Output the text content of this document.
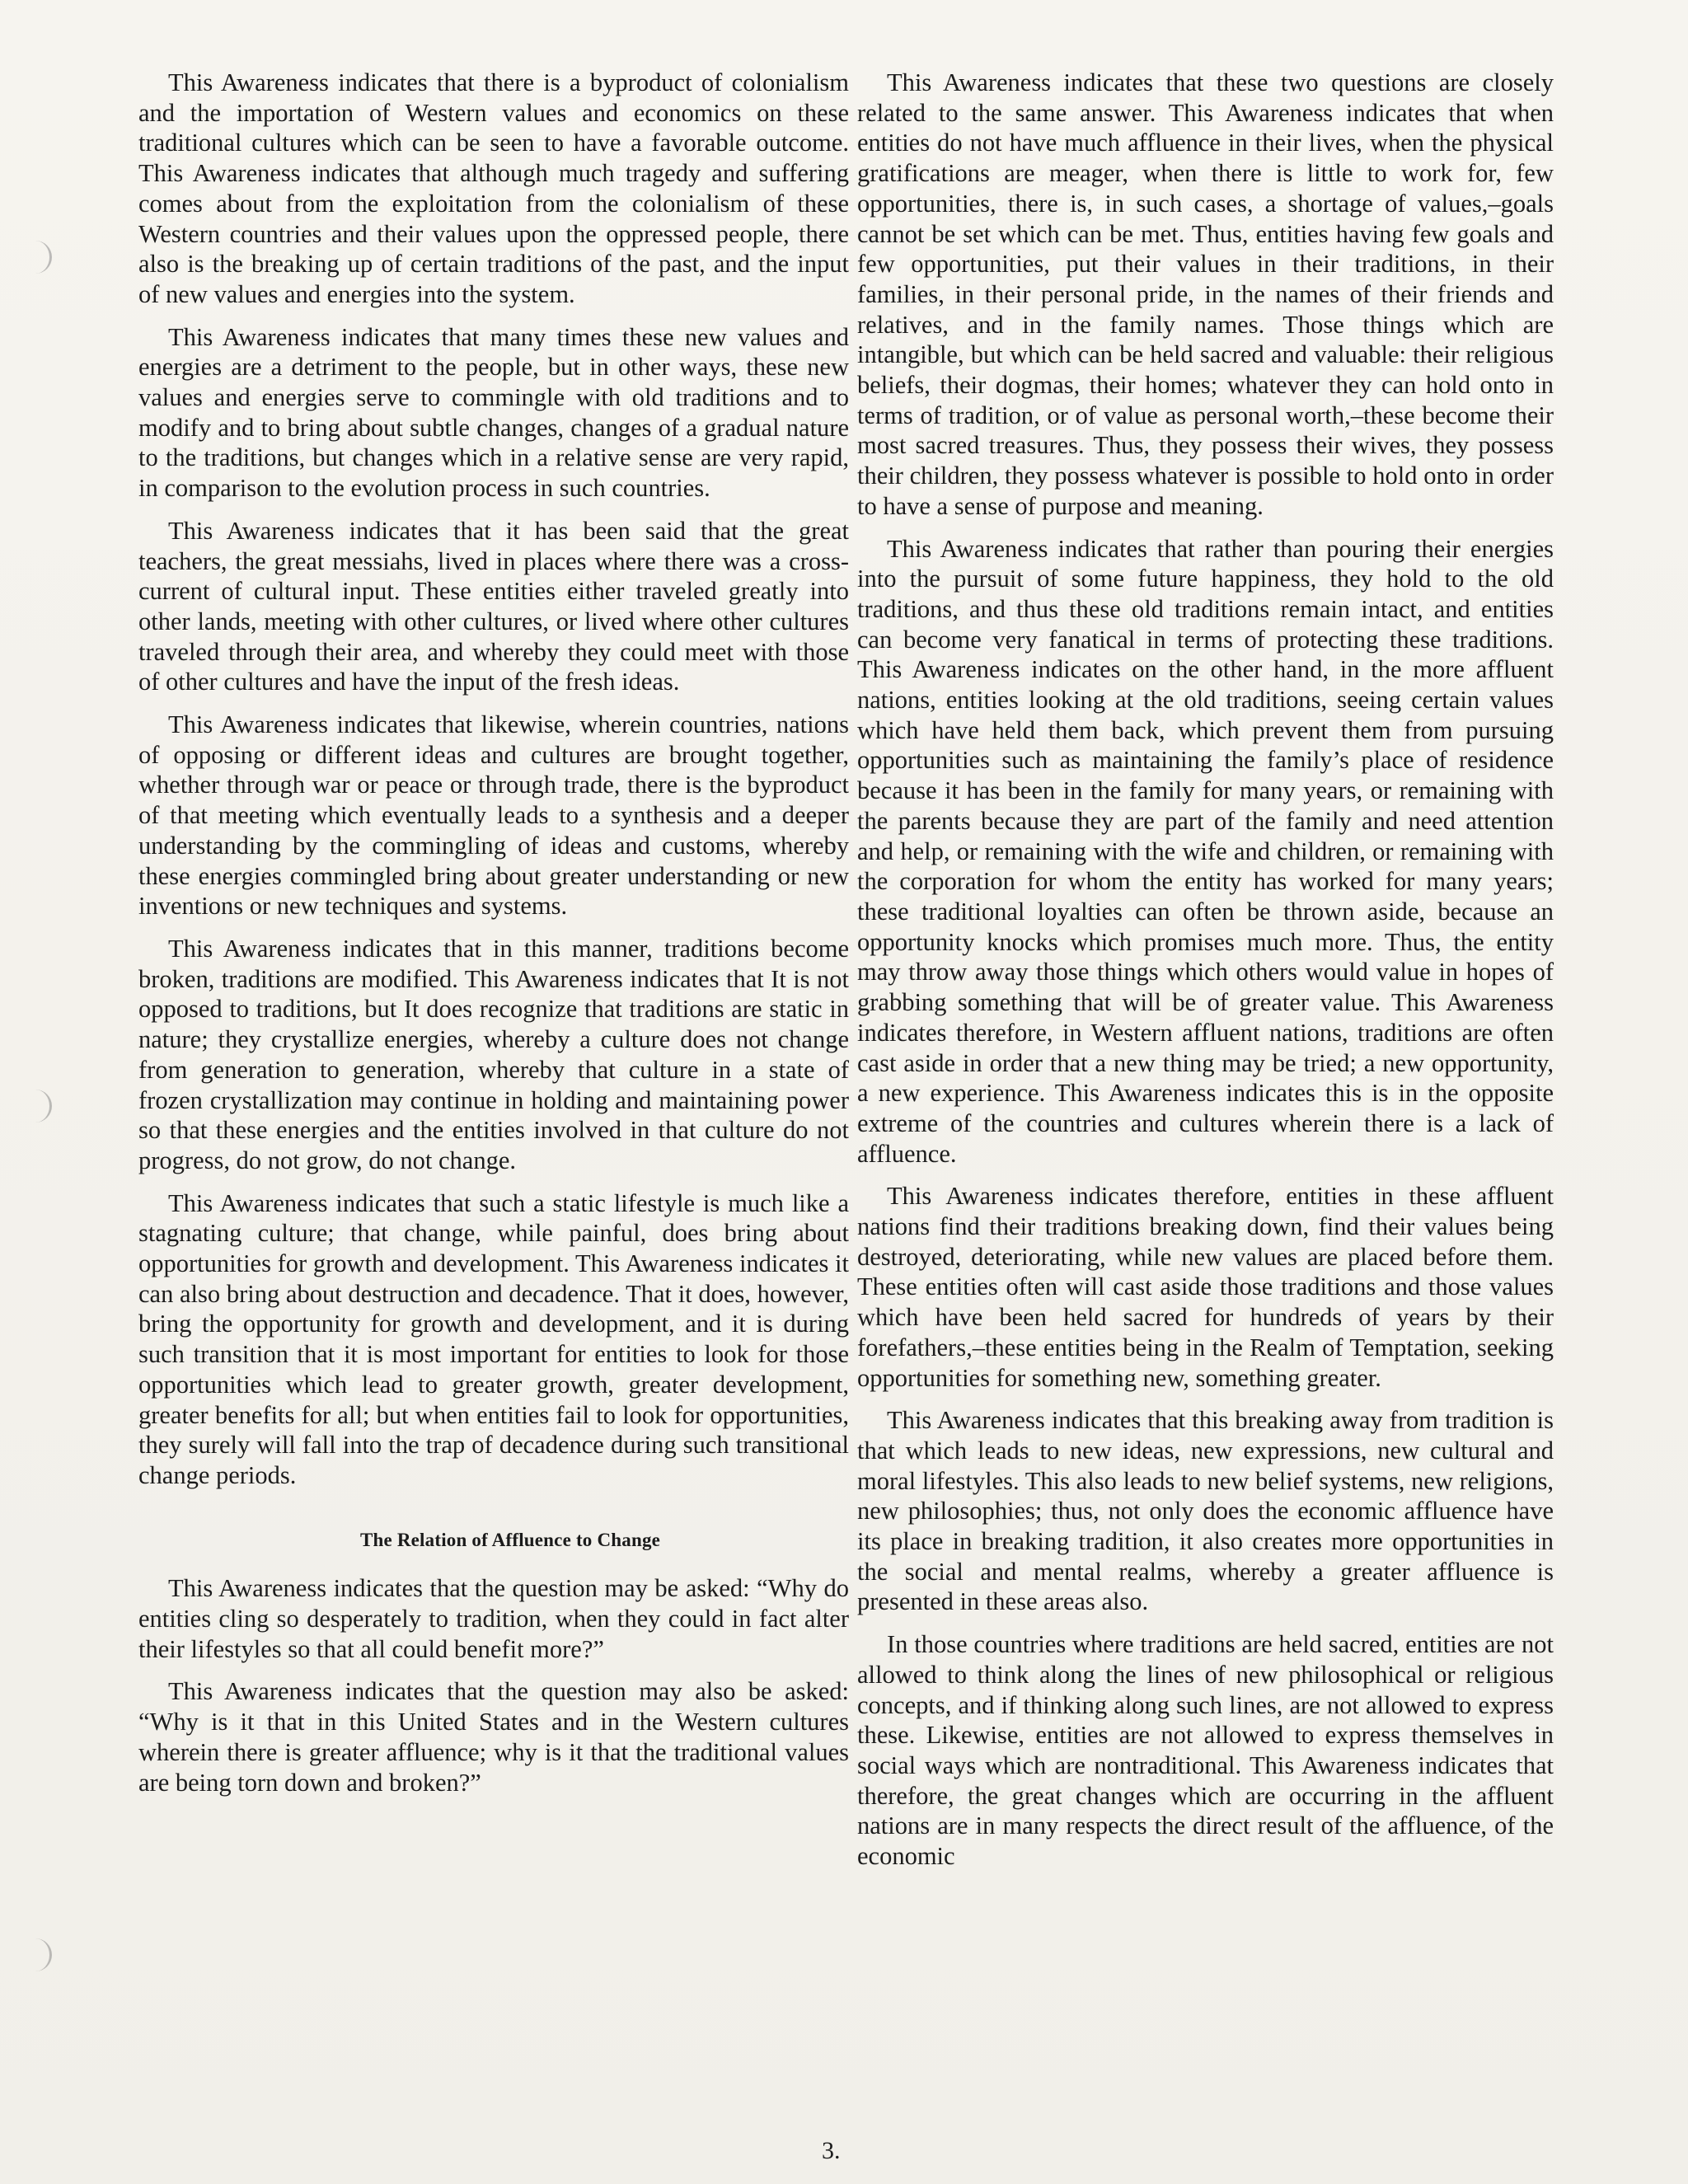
This Awareness indicates that there is a byproduct of colonialism and the importation of Western values and economics on these traditional cultures which can be seen to have a favorable outcome. This Awareness indicates that although much tragedy and suffering comes about from the exploitation from the colonialism of these Western countries and their values upon the oppressed people, there also is the breaking up of certain traditions of the past, and the input of new values and energies into the system.

This Awareness indicates that many times these new values and energies are a detriment to the people, but in other ways, these new values and energies serve to commingle with old traditions and to modify and to bring about subtle changes, changes of a gradual nature to the traditions, but changes which in a relative sense are very rapid, in comparison to the evolution process in such countries.

This Awareness indicates that it has been said that the great teachers, the great messiahs, lived in places where there was a cross-current of cultural input. These entities either traveled greatly into other lands, meeting with other cultures, or lived where other cultures traveled through their area, and whereby they could meet with those of other cultures and have the input of the fresh ideas.

This Awareness indicates that likewise, wherein countries, nations of opposing or different ideas and cultures are brought together, whether through war or peace or through trade, there is the byproduct of that meeting which eventually leads to a synthesis and a deeper understanding by the commingling of ideas and customs, whereby these energies commingled bring about greater understanding or new inventions or new techniques and systems.

This Awareness indicates that in this manner, traditions become broken, traditions are modified. This Awareness indicates that It is not opposed to traditions, but It does recognize that traditions are static in nature; they crystallize energies, whereby a culture does not change from generation to generation, whereby that culture in a state of frozen crystallization may continue in holding and maintaining power so that these energies and the entities involved in that culture do not progress, do not grow, do not change.

This Awareness indicates that such a static lifestyle is much like a stagnating culture; that change, while painful, does bring about opportunities for growth and development. This Awareness indicates it can also bring about destruction and decadence. That it does, however, bring the opportunity for growth and development, and it is during such transition that it is most important for entities to look for those opportunities which lead to greater growth, greater development, greater benefits for all; but when entities fail to look for opportunities, they surely will fall into the trap of decadence during such transitional change periods.

The Relation of Affluence to Change

This Awareness indicates that the question may be asked: “Why do entities cling so desperately to tradition, when they could in fact alter their lifestyles so that all could benefit more?”

This Awareness indicates that the question may also be asked: “Why is it that in this United States and in the Western cultures wherein there is greater affluence; why is it that the traditional values are being torn down and broken?”

This Awareness indicates that these two questions are closely related to the same answer. This Awareness indicates that when entities do not have much affluence in their lives, when the physical gratifications are meager, when there is little to work for, few opportunities, there is, in such cases, a shortage of values,–goals cannot be set which can be met. Thus, entities having few goals and few opportunities, put their values in their traditions, in their families, in their personal pride, in the names of their friends and relatives, and in the family names. Those things which are intangible, but which can be held sacred and valuable: their religious beliefs, their dogmas, their homes; whatever they can hold onto in terms of tradition, or of value as personal worth,–these become their most sacred treasures. Thus, they possess their wives, they possess their children, they possess whatever is possible to hold onto in order to have a sense of purpose and meaning.

This Awareness indicates that rather than pouring their energies into the pursuit of some future happiness, they hold to the old traditions, and thus these old traditions remain intact, and entities can become very fanatical in terms of protecting these traditions. This Awareness indicates on the other hand, in the more affluent nations, entities looking at the old traditions, seeing certain values which have held them back, which prevent them from pursuing opportunities such as maintaining the family’s place of residence because it has been in the family for many years, or remaining with the parents because they are part of the family and need attention and help, or remaining with the wife and children, or remaining with the corporation for whom the entity has worked for many years; these traditional loyalties can often be thrown aside, because an opportunity knocks which promises much more. Thus, the entity may throw away those things which others would value in hopes of grabbing something that will be of greater value. This Awareness indicates therefore, in Western affluent nations, traditions are often cast aside in order that a new thing may be tried; a new opportunity, a new experience. This Awareness indicates this is in the opposite extreme of the countries and cultures wherein there is a lack of affluence.

This Awareness indicates therefore, entities in these affluent nations find their traditions breaking down, find their values being destroyed, deteriorating, while new values are placed before them. These entities often will cast aside those traditions and those values which have been held sacred for hundreds of years by their forefathers,–these entities being in the Realm of Temptation, seeking opportunities for something new, something greater.

This Awareness indicates that this breaking away from tradition is that which leads to new ideas, new expressions, new cultural and moral lifestyles. This also leads to new belief systems, new religions, new philosophies; thus, not only does the economic affluence have its place in breaking tradition, it also creates more opportunities in the social and mental realms, whereby a greater affluence is presented in these areas also.

In those countries where traditions are held sacred, entities are not allowed to think along the lines of new philosophical or religious concepts, and if thinking along such lines, are not allowed to express these. Likewise, entities are not allowed to express themselves in social ways which are nontraditional. This Awareness indicates that therefore, the great changes which are occurring in the affluent nations are in many respects the direct result of the affluence, of the economic

3.
